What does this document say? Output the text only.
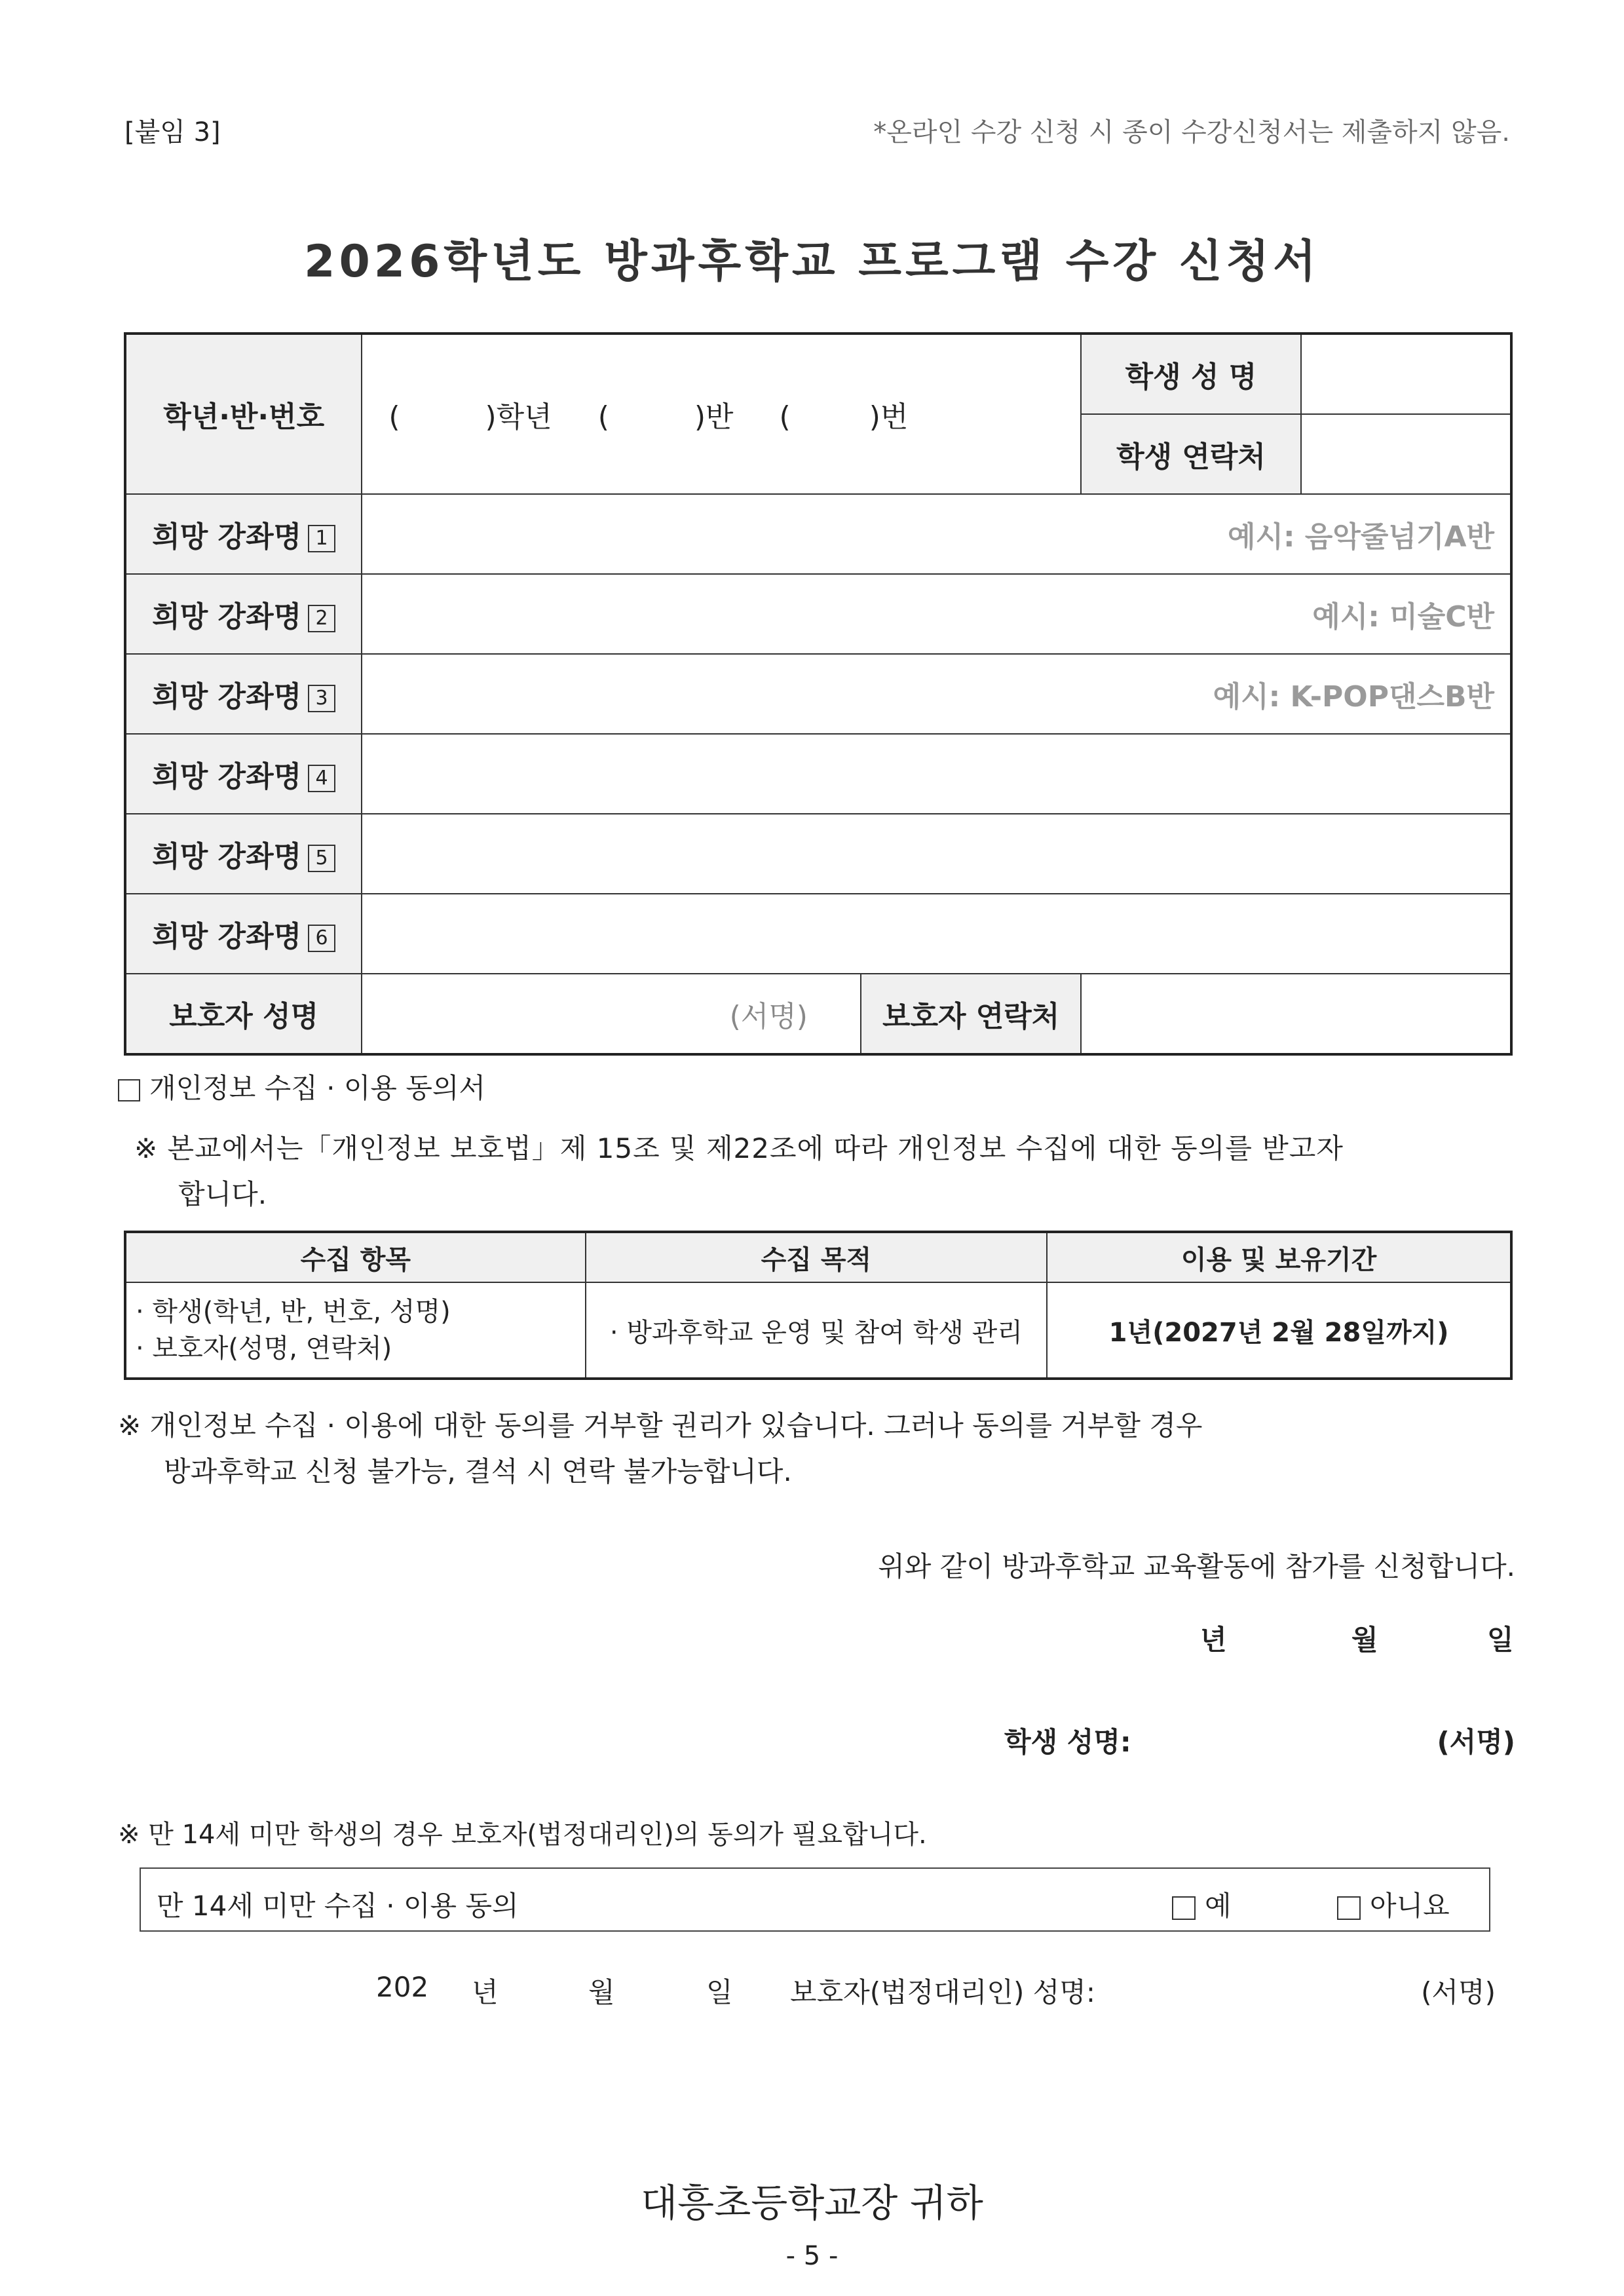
[붙임 3]	*온라인 수강 신청 시 종이 수강신청서는 제출하지 않음.
2026학년도 방과후학교 프로그램 수강 신청서
학년·반·번호	( )학년 ( )반 ( )번		학생 성 명	
			학생 연락처	
희망 강좌명 1	예시: 음악줄넘기A반			
희망 강좌명 2	예시: 미술C반			
희망 강좌명 3	예시: K-POP댄스B반			
희망 강좌명 4				
희망 강좌명 5				
희망 강좌명 6				
보호자 성명	(서명)	보호자 연락처		
개인정보 수집 · 이용 동의서
※ 본교에서는「개인정보 보호법」제 15조 및 제22조에 따라 개인정보 수집에 대한 동의를 받고자
합니다.
수집 항목	수집 목적	이용 및 보유기간

· 학생(학년, 반, 번호, 성명)
· 보호자(성명, 연락처)	· 방과후학교 운영 및 참여 학생 관리	1년(2027년 2월 28일까지)
※ 개인정보 수집 · 이용에 대한 동의를 거부할 권리가 있습니다. 그러나 동의를 거부할 경우
방과후학교 신청 불가능, 결석 시 연락 불가능합니다.
위와 같이 방과후학교 교육활동에 참가를 신청합니다.
년	월	일
학생 성명:	(서명)
※ 만 14세 미만 학생의 경우 보호자(법정대리인)의 동의가 필요합니다.
만 14세 미만 수집 · 이용 동의	예	아니요
202 년	월	일 보호자(법정대리인) 성명:	(서명)
대흥초등학교장 귀하
- 5 -
